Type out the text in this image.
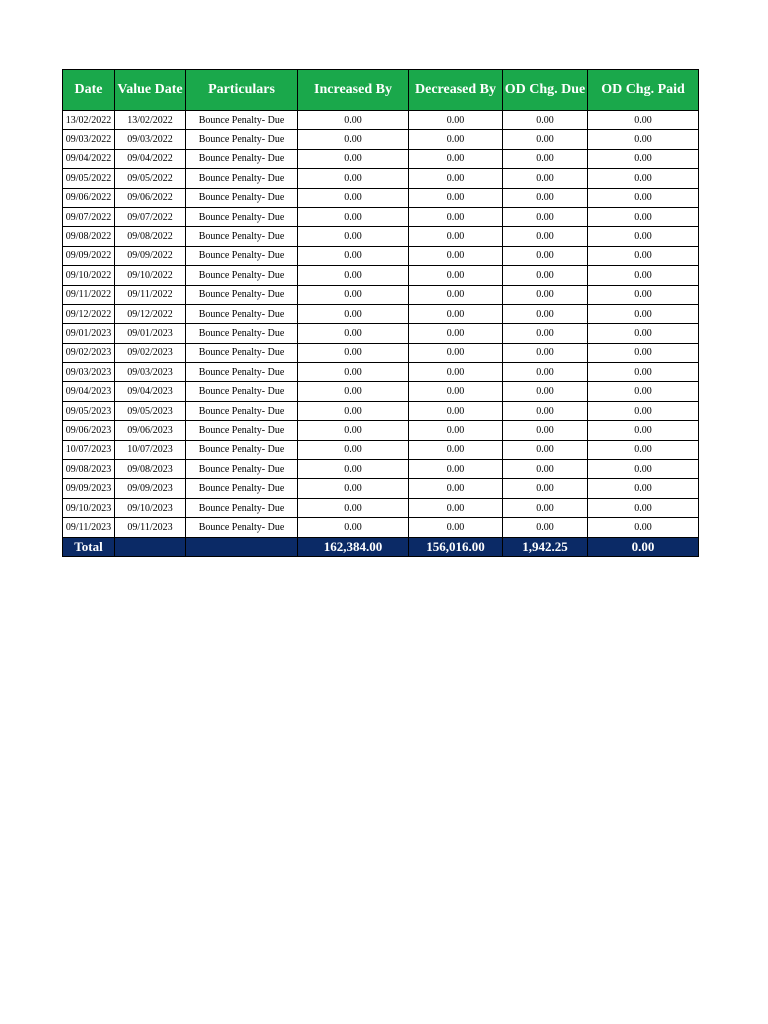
Date	Value Date	Particulars	Increased By	Decreased By	OD Chg. Due	OD Chg. Paid
13/02/2022	13/02/2022	Bounce Penalty- Due	0.00	0.00	0.00	0.00
09/03/2022	09/03/2022	Bounce Penalty- Due	0.00	0.00	0.00	0.00
09/04/2022	09/04/2022	Bounce Penalty- Due	0.00	0.00	0.00	0.00
09/05/2022	09/05/2022	Bounce Penalty- Due	0.00	0.00	0.00	0.00
09/06/2022	09/06/2022	Bounce Penalty- Due	0.00	0.00	0.00	0.00
09/07/2022	09/07/2022	Bounce Penalty- Due	0.00	0.00	0.00	0.00
09/08/2022	09/08/2022	Bounce Penalty- Due	0.00	0.00	0.00	0.00
09/09/2022	09/09/2022	Bounce Penalty- Due	0.00	0.00	0.00	0.00
09/10/2022	09/10/2022	Bounce Penalty- Due	0.00	0.00	0.00	0.00
09/11/2022	09/11/2022	Bounce Penalty- Due	0.00	0.00	0.00	0.00
09/12/2022	09/12/2022	Bounce Penalty- Due	0.00	0.00	0.00	0.00
09/01/2023	09/01/2023	Bounce Penalty- Due	0.00	0.00	0.00	0.00
09/02/2023	09/02/2023	Bounce Penalty- Due	0.00	0.00	0.00	0.00
09/03/2023	09/03/2023	Bounce Penalty- Due	0.00	0.00	0.00	0.00
09/04/2023	09/04/2023	Bounce Penalty- Due	0.00	0.00	0.00	0.00
09/05/2023	09/05/2023	Bounce Penalty- Due	0.00	0.00	0.00	0.00
09/06/2023	09/06/2023	Bounce Penalty- Due	0.00	0.00	0.00	0.00
10/07/2023	10/07/2023	Bounce Penalty- Due	0.00	0.00	0.00	0.00
09/08/2023	09/08/2023	Bounce Penalty- Due	0.00	0.00	0.00	0.00
09/09/2023	09/09/2023	Bounce Penalty- Due	0.00	0.00	0.00	0.00
09/10/2023	09/10/2023	Bounce Penalty- Due	0.00	0.00	0.00	0.00
09/11/2023	09/11/2023	Bounce Penalty- Due	0.00	0.00	0.00	0.00
Total			162,384.00	156,016.00	1,942.25	0.00
